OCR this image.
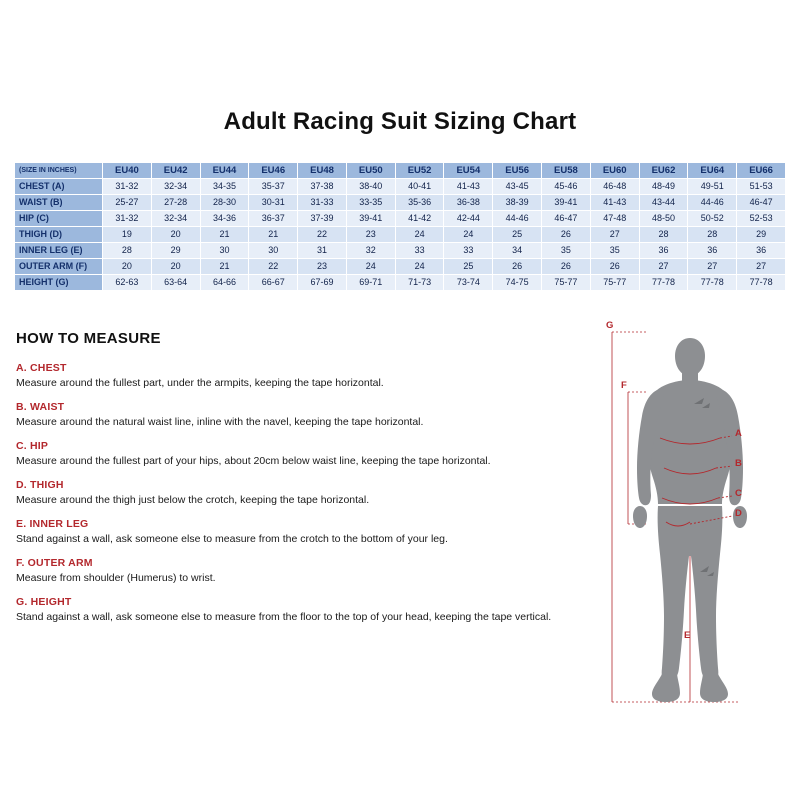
Adult Racing Suit Sizing Chart
(SIZE IN INCHES)	EU40	EU42	EU44	EU46	EU48	EU50	EU52	EU54	EU56	EU58	EU60	EU62	EU64	EU66
CHEST (A)	31-32	32-34	34-35	35-37	37-38	38-40	40-41	41-43	43-45	45-46	46-48	48-49	49-51	51-53
WAIST (B)	25-27	27-28	28-30	30-31	31-33	33-35	35-36	36-38	38-39	39-41	41-43	43-44	44-46	46-47
HIP (C)	31-32	32-34	34-36	36-37	37-39	39-41	41-42	42-44	44-46	46-47	47-48	48-50	50-52	52-53
THIGH (D)	19	20	21	21	22	23	24	24	25	26	27	28	28	29
INNER LEG (E)	28	29	30	30	31	32	33	33	34	35	35	36	36	36
OUTER ARM (F)	20	20	21	22	23	24	24	25	26	26	26	27	27	27
HEIGHT (G)	62-63	63-64	64-66	66-67	67-69	69-71	71-73	73-74	74-75	75-77	75-77	77-78	77-78	77-78
HOW TO MEASURE
A. CHEST
Measure around the fullest part, under the armpits, keeping the tape horizontal.
B. WAIST
Measure around the natural waist line, inline with the navel, keeping the tape horizontal.
C. HIP
Measure around the fullest part of your hips, about 20cm below waist line, keeping the tape horizontal.
D. THIGH
Measure around the thigh just below the crotch, keeping the tape horizontal.
E. INNER LEG
Stand against a wall, ask someone else to measure from the crotch to the bottom of your leg.
F. OUTER ARM
Measure from shoulder (Humerus) to wrist.
G. HEIGHT
Stand against a wall, ask someone else to measure from the floor to the top of your head, keeping the tape vertical.
G
F
A
B
C
D
E
